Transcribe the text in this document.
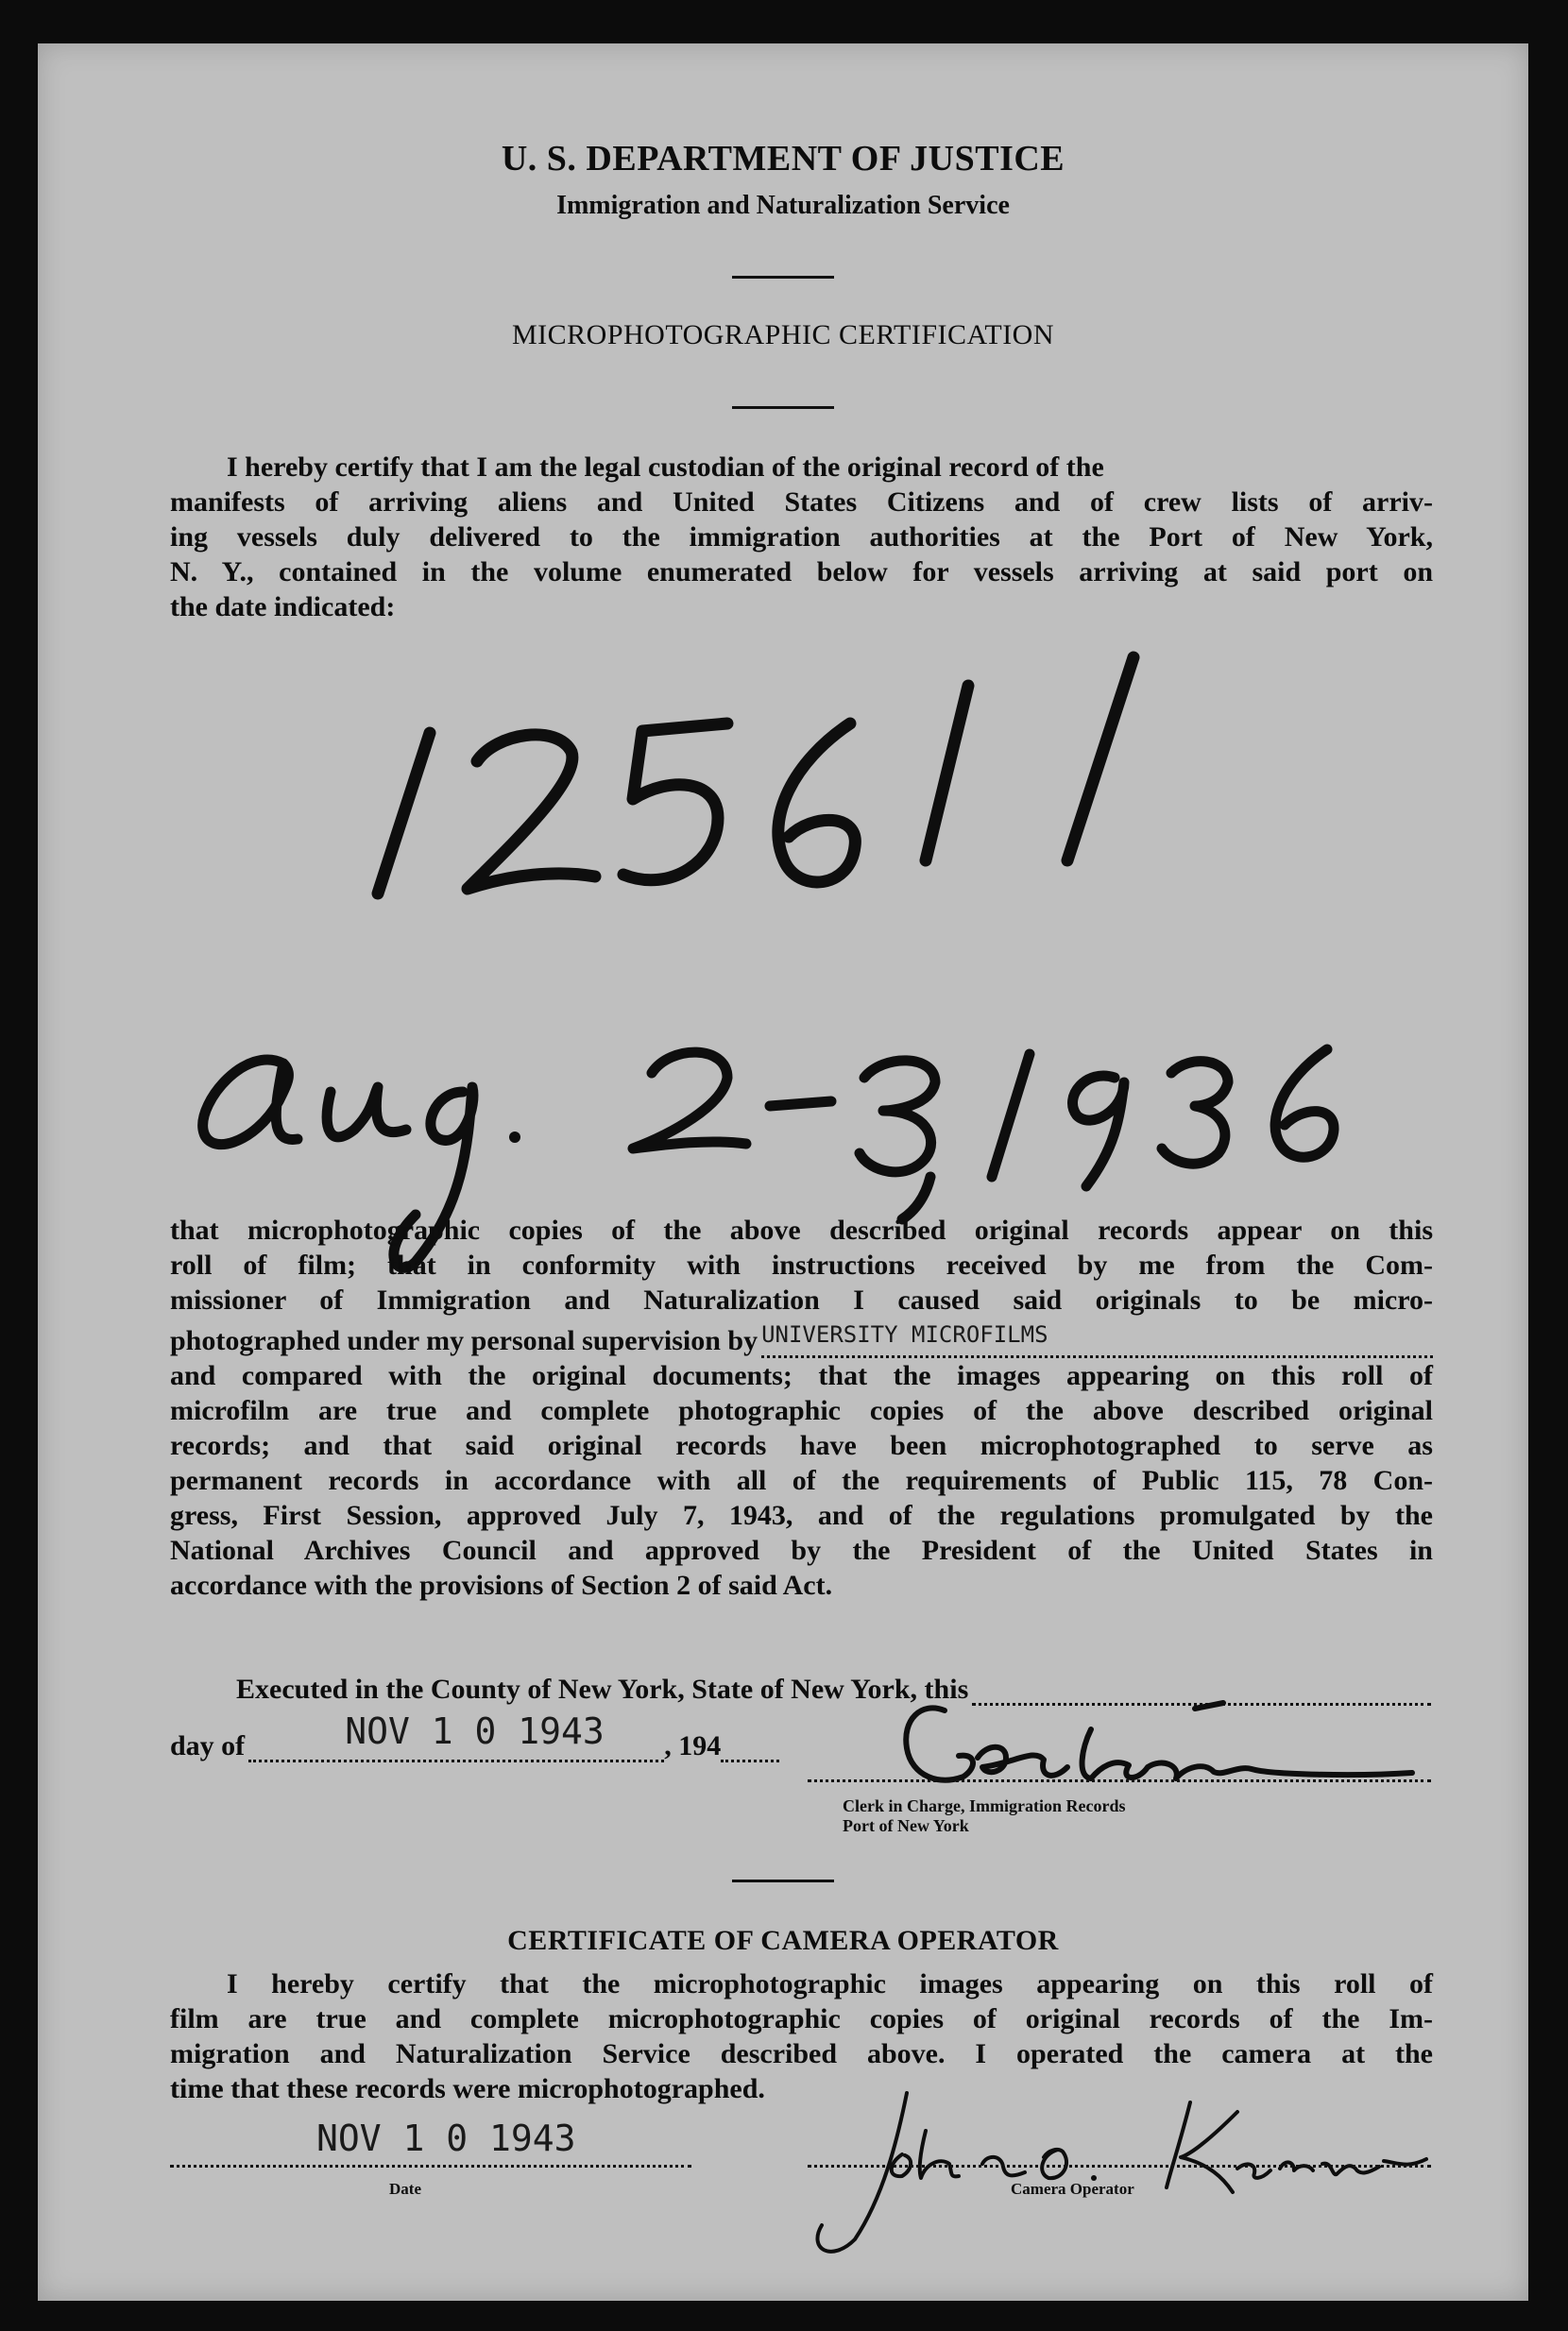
U. S. DEPARTMENT OF JUSTICE
Immigration and Naturalization Service
MICROPHOTOGRAPHIC CERTIFICATION
I hereby certify that I am the legal custodian of the original record of the
manifests of arriving aliens and United States Citizens and of crew lists of arriv-
ing vessels duly delivered to the immigration authorities at the Port of New York,
N. Y., contained in the volume enumerated below for vessels arriving at said port on
the date indicated:
that microphotographic copies of the above described original records appear on this
roll of film; that in conformity with instructions received by me from the Com-
missioner of Immigration and Naturalization I caused said originals to be micro-
photographed under my personal supervision by UNIVERSITY MICROFILMS
and compared with the original documents; that the images appearing on this roll of
microfilm are true and complete photographic copies of the above described original
records; and that said original records have been microphotographed to serve as
permanent records in accordance with all of the requirements of Public 115, 78 Con-
gress, First Session, approved July 7, 1943, and of the regulations promulgated by the
National Archives Council and approved by the President of the United States in
accordance with the provisions of Section 2 of said Act.
Executed in the County of New York, State of New York, this
day of	NOV 1 0 1943 , 194
Clerk in Charge, Immigration Records
Port of New York
CERTIFICATE OF CAMERA OPERATOR
I hereby certify that the microphotographic images appearing on this roll of
film are true and complete microphotographic copies of original records of the Im-
migration and Naturalization Service described above. I operated the camera at the
time that these records were microphotographed.
NOV 1 0 1943
Date	Camera Operator
